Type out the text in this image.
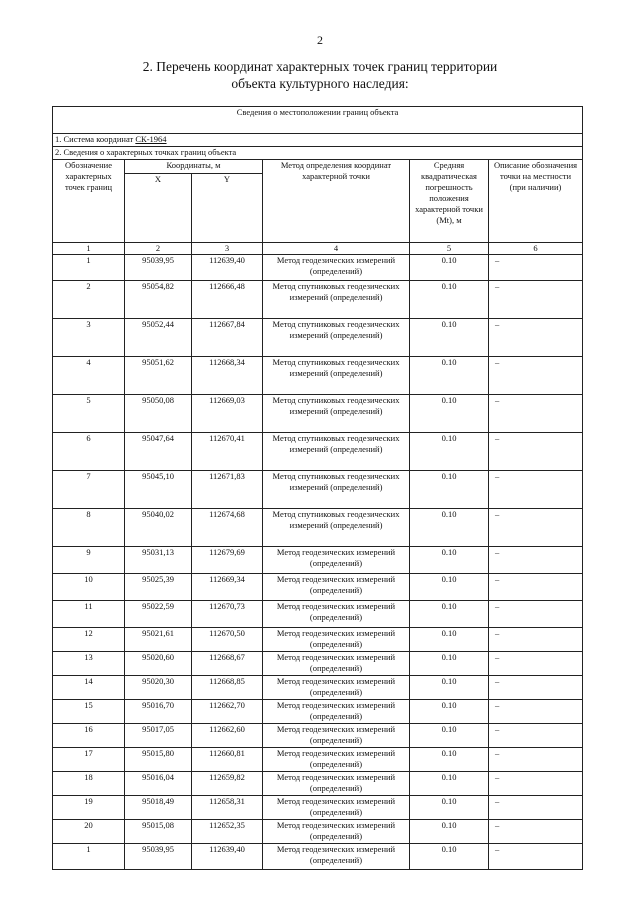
2
2. Перечень координат характерных точек границ территории
объекта культурного наследия:
Сведения о местоположении границ объекта					
1. Система координат СК-1964					
2. Сведения о характерных точках границ объекта					
Обозначение характерных точек границ	Координаты, м		Метод определения координат характерной точки	Средняя квадратическая погрешность положения характерной точки (Mt), м	Описание обозначения точки на местности (при наличии)
	X	Y			
1	2	3	4	5	6
1	95039,95	112639,40	Метод геодезических измерений (определений)	0.10	–
2	95054,82	112666,48	Метод спутниковых геодезических измерений (определений)	0.10	–
3	95052,44	112667,84	Метод спутниковых геодезических измерений (определений)	0.10	–
4	95051,62	112668,34	Метод спутниковых геодезических измерений (определений)	0.10	–
5	95050,08	112669,03	Метод спутниковых геодезических измерений (определений)	0.10	–
6	95047,64	112670,41	Метод спутниковых геодезических измерений (определений)	0.10	–
7	95045,10	112671,83	Метод спутниковых геодезических измерений (определений)	0.10	–
8	95040,02	112674,68	Метод спутниковых геодезических измерений (определений)	0.10	–
9	95031,13	112679,69	Метод геодезических измерений (определений)	0.10	–
10	95025,39	112669,34	Метод геодезических измерений (определений)	0.10	–
11	95022,59	112670,73	Метод геодезических измерений (определений)	0.10	–
12	95021,61	112670,50	Метод геодезических измерений (определений)	0.10	–
13	95020,60	112668,67	Метод геодезических измерений (определений)	0.10	–
14	95020,30	112668,85	Метод геодезических измерений (определений)	0.10	–
15	95016,70	112662,70	Метод геодезических измерений (определений)	0.10	–
16	95017,05	112662,60	Метод геодезических измерений (определений)	0.10	–
17	95015,80	112660,81	Метод геодезических измерений (определений)	0.10	–
18	95016,04	112659,82	Метод геодезических измерений (определений)	0.10	–
19	95018,49	112658,31	Метод геодезических измерений (определений)	0.10	–
20	95015,08	112652,35	Метод геодезических измерений (определений)	0.10	–
1	95039,95	112639,40	Метод геодезических измерений (определений)	0.10	–
